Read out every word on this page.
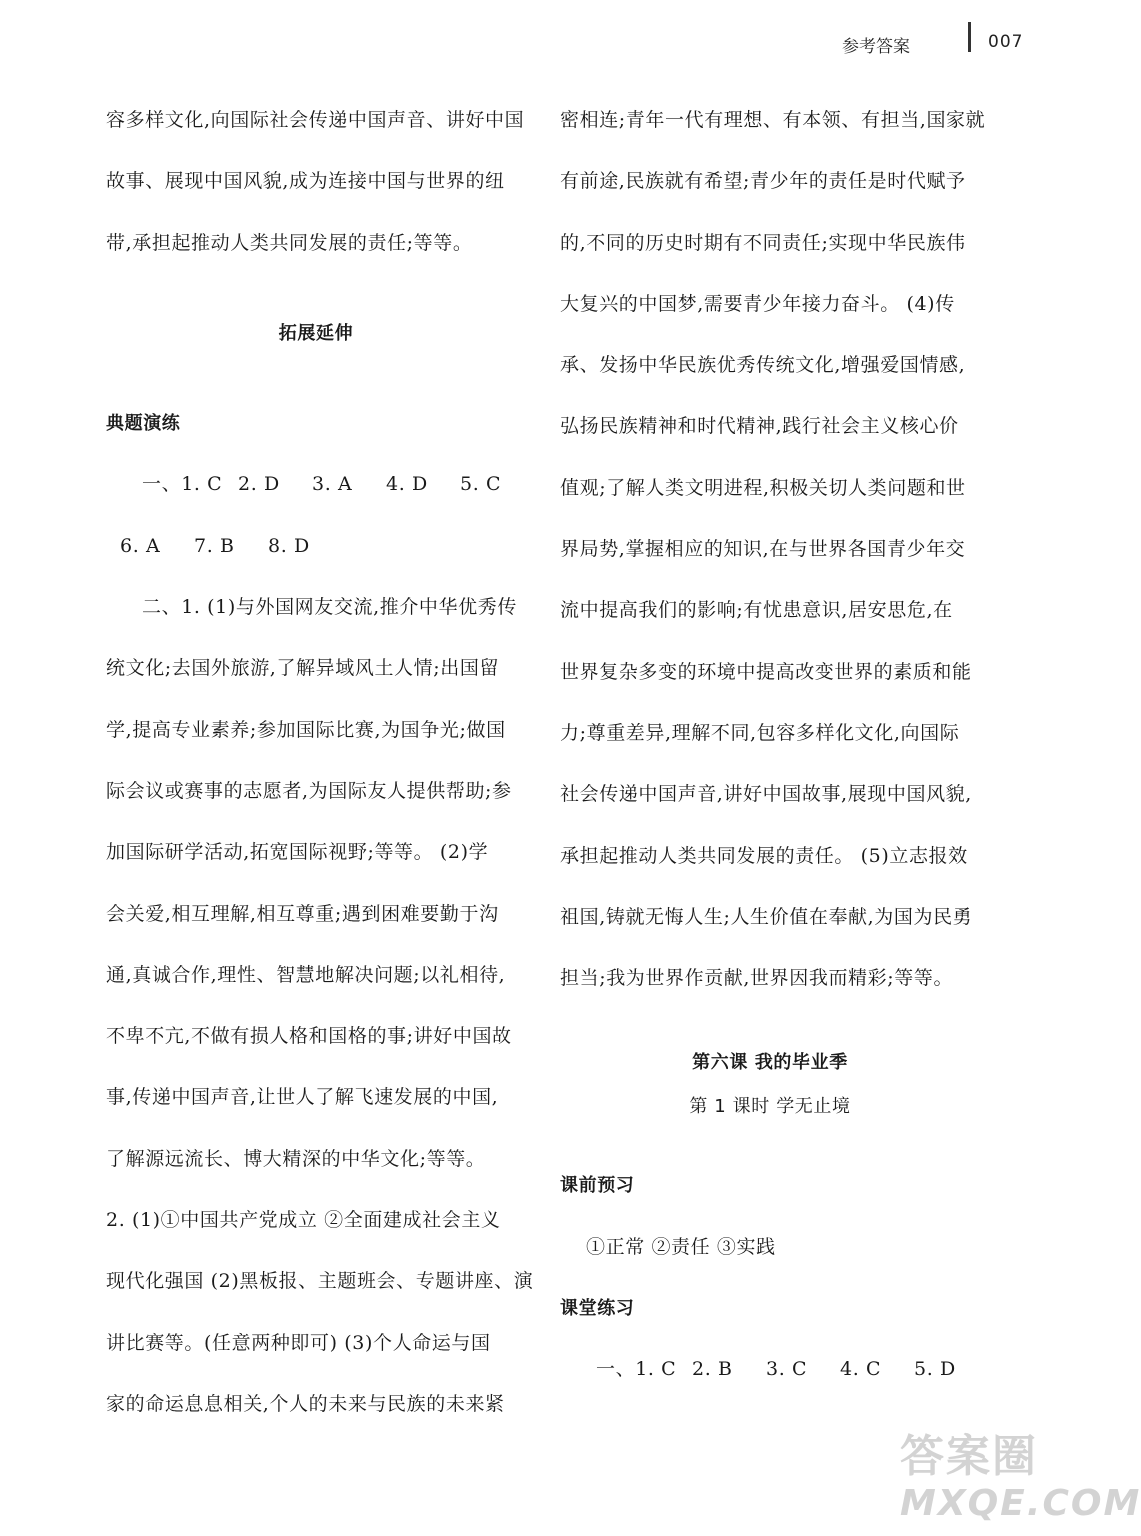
参考答案	007
容多样文化,向国际社会传递中国声音、讲好中国
故事、展现中国风貌,成为连接中国与世界的纽
带,承担起推动人类共同发展的责任;等等。
拓展延伸
典题演练
一、1. C 2. D 3. A 4. D 5. C
6. A 7. B 8. D
二、1. (1)与外国网友交流,推介中华优秀传
统文化;去国外旅游,了解异域风土人情;出国留
学,提高专业素养;参加国际比赛,为国争光;做国
际会议或赛事的志愿者,为国际友人提供帮助;参
加国际研学活动,拓宽国际视野;等等。 (2)学
会关爱,相互理解,相互尊重;遇到困难要勤于沟
通,真诚合作,理性、智慧地解决问题;以礼相待,
不卑不亢,不做有损人格和国格的事;讲好中国故
事,传递中国声音,让世人了解飞速发展的中国,
了解源远流长、博大精深的中华文化;等等。
2. (1)①中国共产党成立 ②全面建成社会主义
现代化强国 (2)黑板报、主题班会、专题讲座、演
讲比赛等。(任意两种即可) (3)个人命运与国
家的命运息息相关,个人的未来与民族的未来紧
密相连;青年一代有理想、有本领、有担当,国家就
有前途,民族就有希望;青少年的责任是时代赋予
的,不同的历史时期有不同责任;实现中华民族伟
大复兴的中国梦,需要青少年接力奋斗。 (4)传
承、发扬中华民族优秀传统文化,增强爱国情感,
弘扬民族精神和时代精神,践行社会主义核心价
值观;了解人类文明进程,积极关切人类问题和世
界局势,掌握相应的知识,在与世界各国青少年交
流中提高我们的影响;有忧患意识,居安思危,在
世界复杂多变的环境中提高改变世界的素质和能
力;尊重差异,理解不同,包容多样化文化,向国际
社会传递中国声音,讲好中国故事,展现中国风貌,
承担起推动人类共同发展的责任。 (5)立志报效
祖国,铸就无悔人生;人生价值在奉献,为国为民勇
担当;我为世界作贡献,世界因我而精彩;等等。
第六课 我的毕业季
第 1 课时 学无止境
课前预习
①正常 ②责任 ③实践
课堂练习
一、1. C 2. B 3. C 4. C 5. D
答案圈
MXQE.COM
